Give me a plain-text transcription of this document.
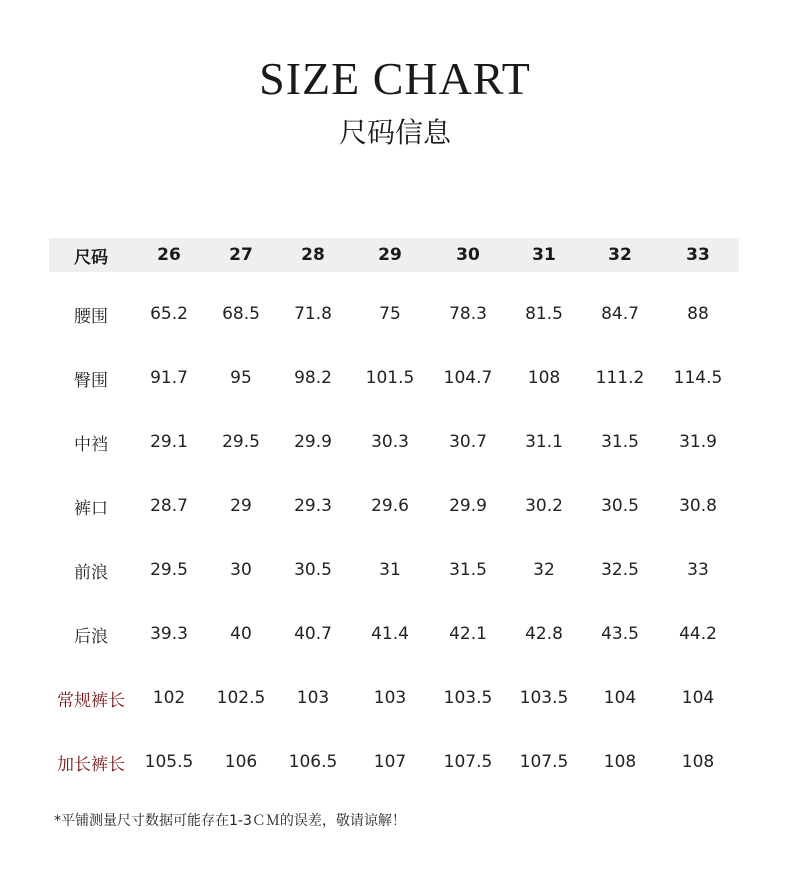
SIZE CHART
尺码信息
尺码	26	27	28	29	30	31	32	33
腰围	65.2	68.5	71.8	75	78.3	81.5	84.7	88
臀围	91.7	95	98.2	101.5	104.7	108	111.2	114.5
中裆	29.1	29.5	29.9	30.3	30.7	31.1	31.5	31.9
裤口	28.7	29	29.3	29.6	29.9	30.2	30.5	30.8
前浪	29.5	30	30.5	31	31.5	32	32.5	33
后浪	39.3	40	40.7	41.4	42.1	42.8	43.5	44.2
常规裤长	102	102.5	103	103	103.5	103.5	104	104
加长裤长	105.5	106	106.5	107	107.5	107.5	108	108
*平铺测量尺寸数据可能存在1-3ＣＭ的误差，敬请谅解！
